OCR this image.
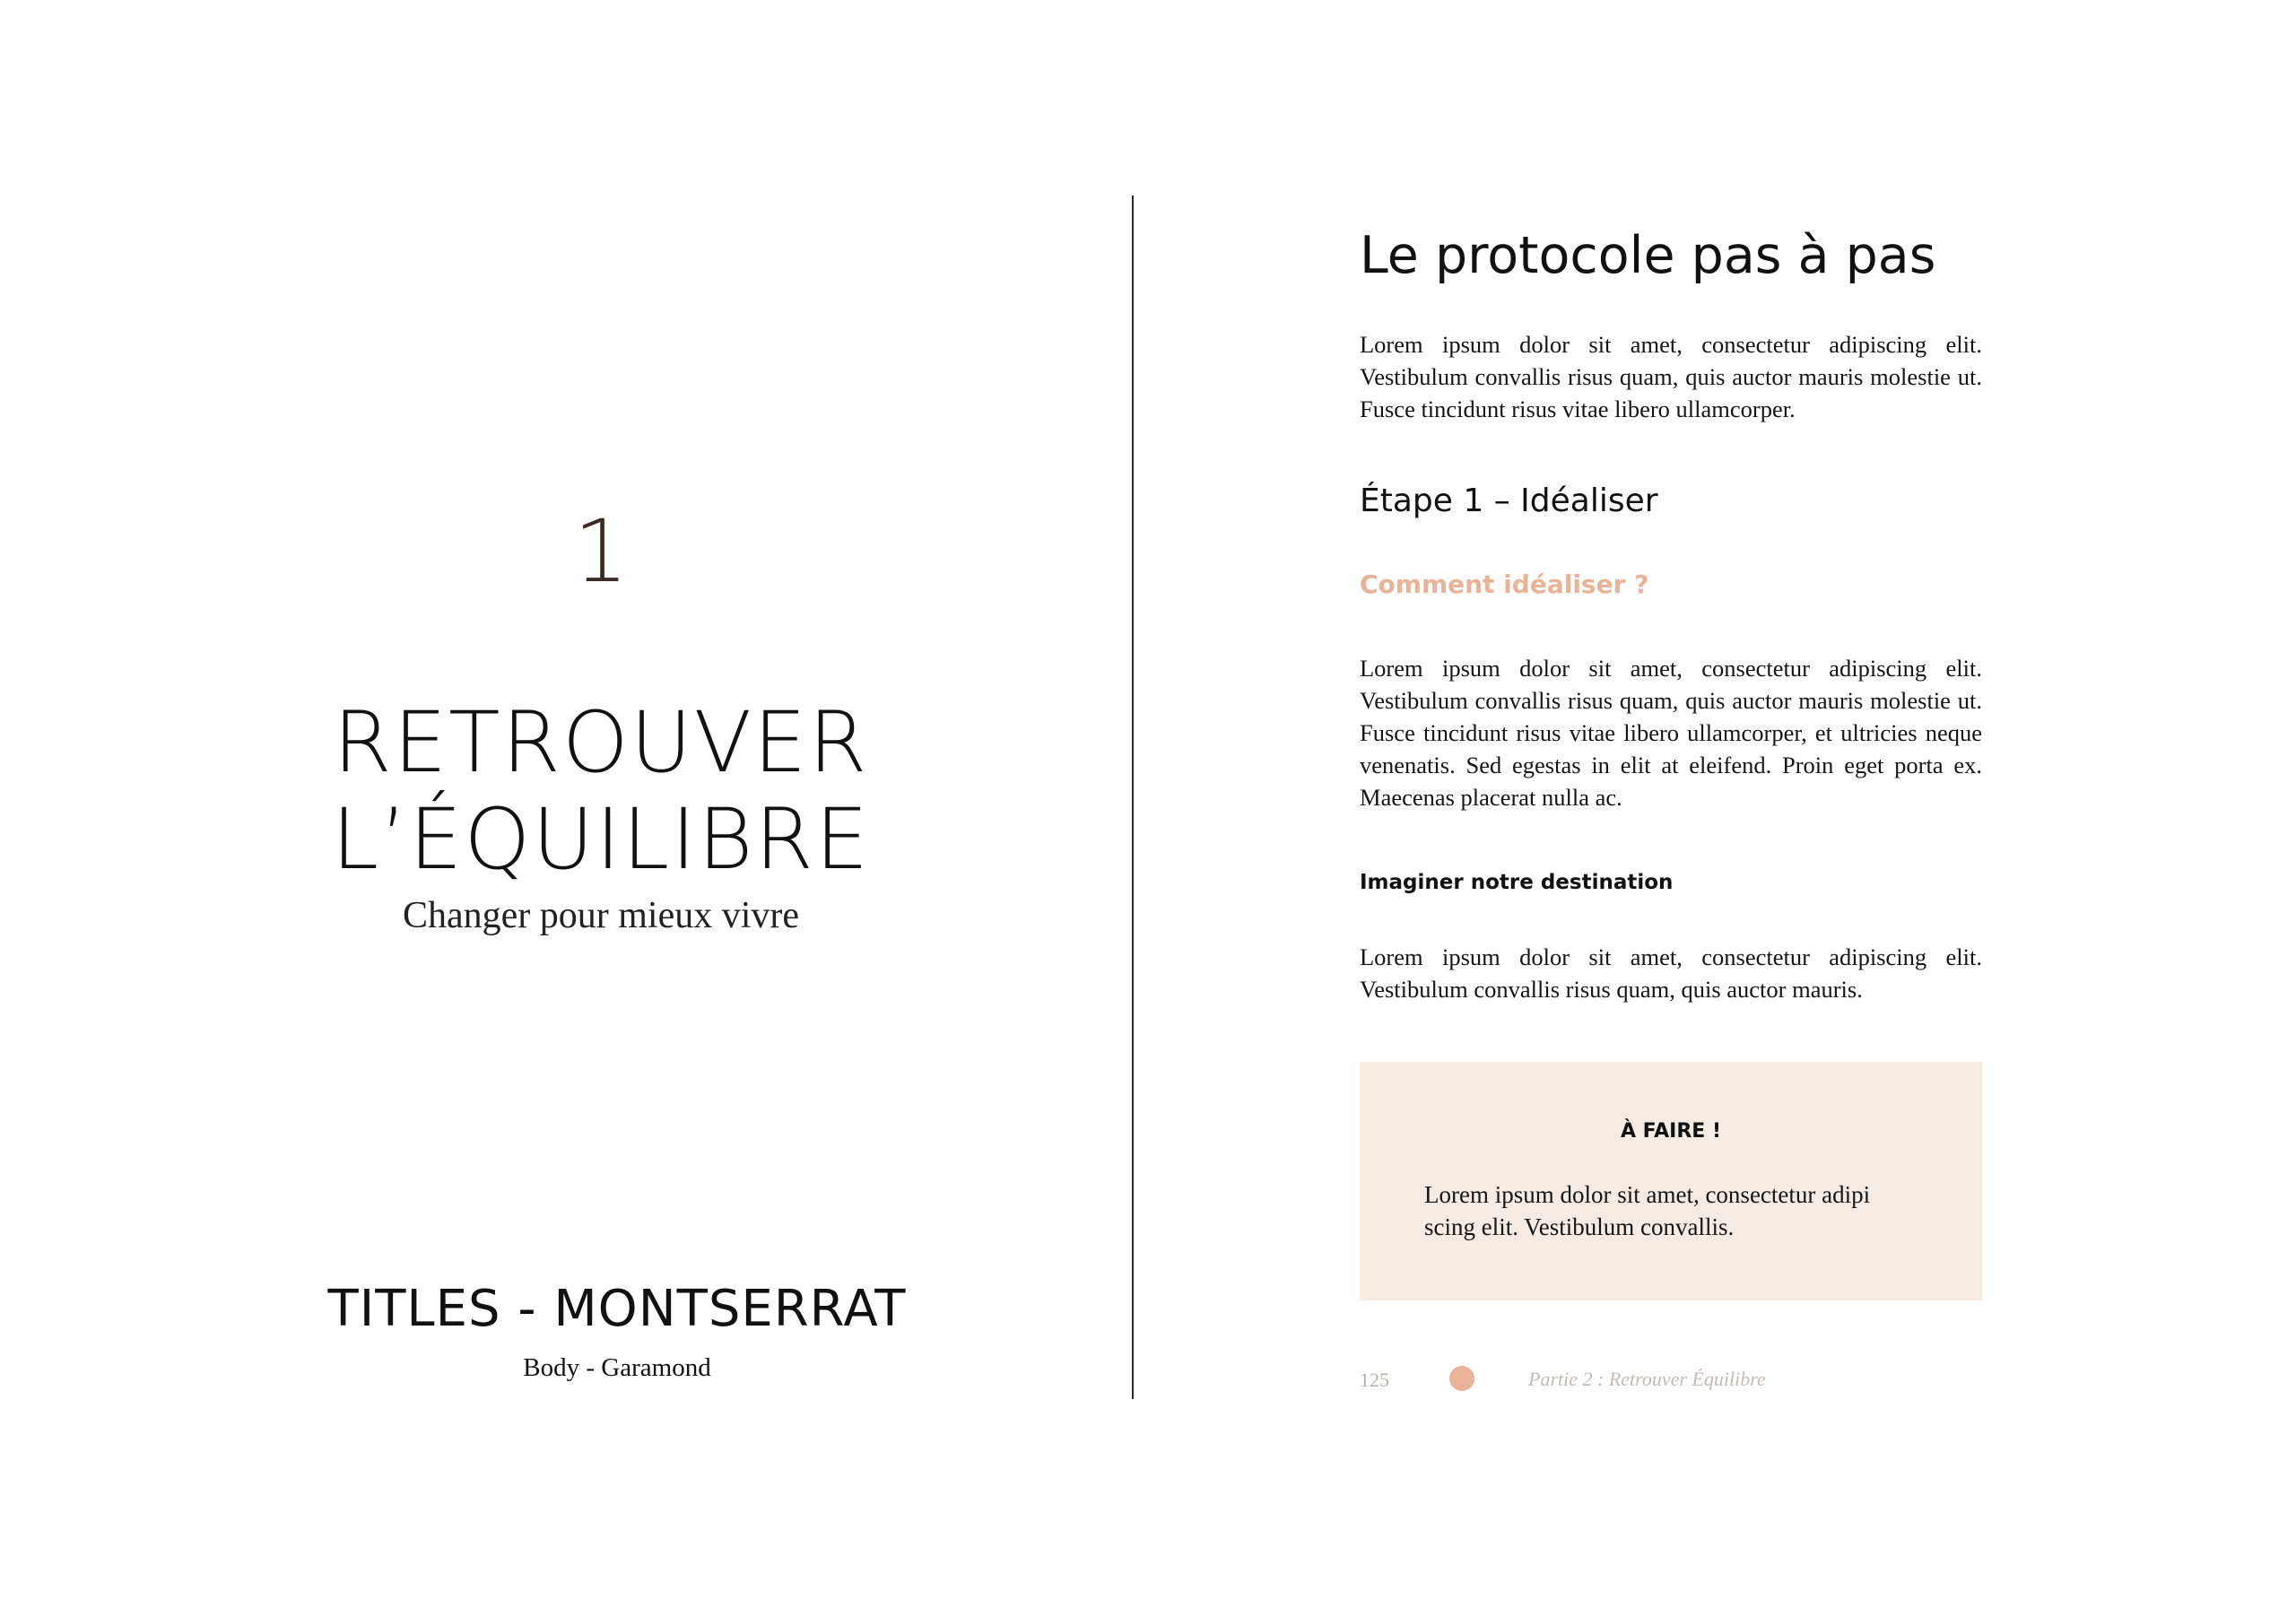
1
RETROUVER
L’ÉQUILIBRE
Changer pour mieux vivre
TITLES - MONTSERRAT
Body - Garamond
Le protocole pas à pas
Lorem ipsum dolor sit amet, consectetur adipiscing elit. Vestibulum convallis risus quam, quis auctor mauris molestie ut. Fusce tincidunt risus vitae libero ullamcorper.
Étape 1 – Idéaliser
Comment idéaliser ?
Lorem ipsum dolor sit amet, consectetur adipiscing elit. Vestibulum convallis risus quam, quis auctor mauris molestie ut. Fusce tincidunt risus vitae libero ullamcorper, et ultricies neque venenatis. Sed egestas in elit at eleifend. Proin eget porta ex. Maecenas placerat nulla ac.
Imaginer notre destination
Lorem ipsum dolor sit amet, consectetur adipiscing elit. Vestibulum convallis risus quam, quis auctor mauris.
À FAIRE !
Lorem ipsum dolor sit amet, consectetur adipi scing elit. Vestibulum convallis.
125	Partie 2 : Retrouver Équilibre
